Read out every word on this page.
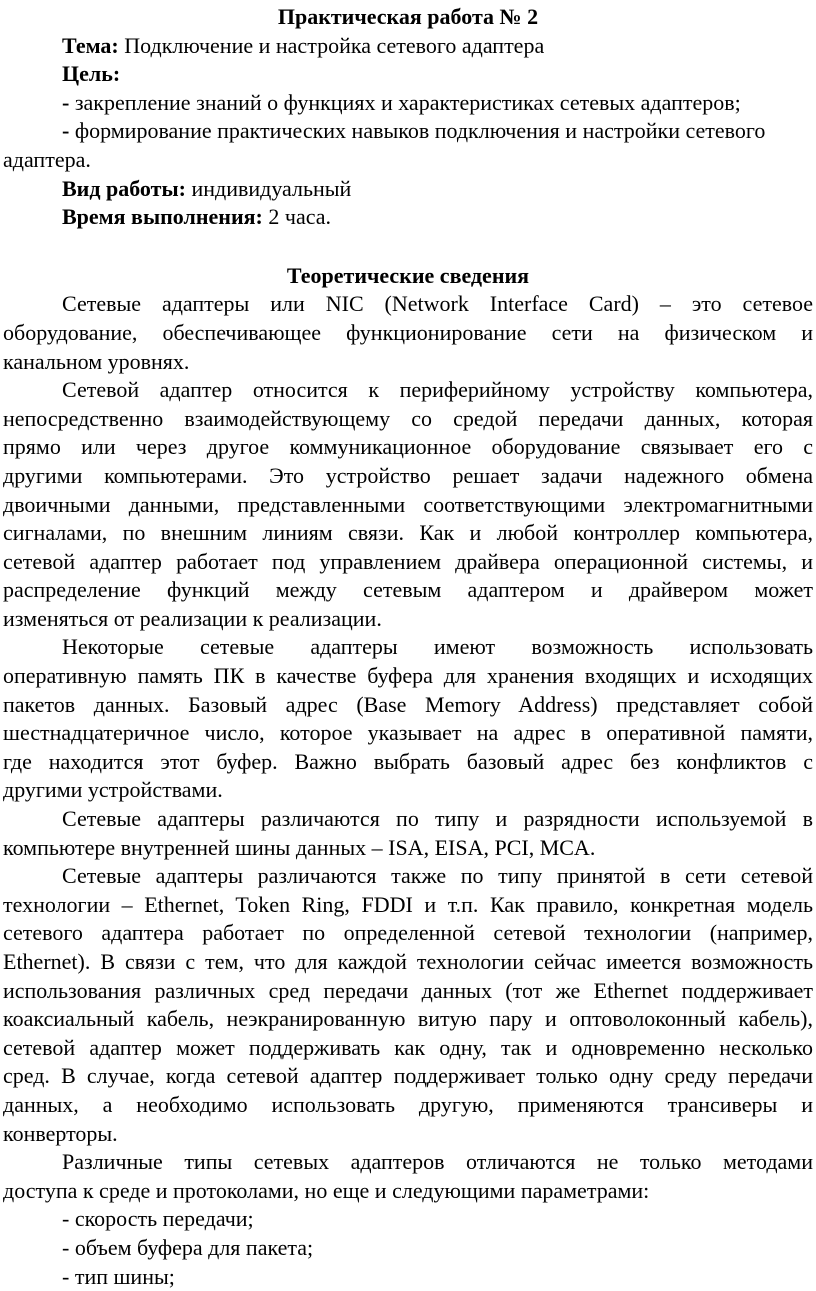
Практическая работа № 2
Тема: Подключение и настройка сетевого адаптера
Цель:
- закрепление знаний о функциях и характеристиках сетевых адаптеров;
- формирование практических навыков подключения и настройки сетевого
адаптера.
Вид работы: индивидуальный
Время выполнения: 2 часа.
Теоретические сведения
Сетевые адаптеры или NIC (Network Interface Card) – это сетевое
оборудование, обеспечивающее функционирование сети на физическом и
канальном уровнях.
Сетевой адаптер относится к периферийному устройству компьютера,
непосредственно взаимодействующему со средой передачи данных, которая
прямо или через другое коммуникационное оборудование связывает его с
другими компьютерами. Это устройство решает задачи надежного обмена
двоичными данными, представленными соответствующими электромагнитными
сигналами, по внешним линиям связи. Как и любой контроллер компьютера,
сетевой адаптер работает под управлением драйвера операционной системы, и
распределение функций между сетевым адаптером и драйвером может
изменяться от реализации к реализации.
Некоторые сетевые адаптеры имеют возможность использовать
оперативную память ПК в качестве буфера для хранения входящих и исходящих
пакетов данных. Базовый адрес (Base Memory Address) представляет собой
шестнадцатеричное число, которое указывает на адрес в оперативной памяти,
где находится этот буфер. Важно выбрать базовый адрес без конфликтов с
другими устройствами.
Сетевые адаптеры различаются по типу и разрядности используемой в
компьютере внутренней шины данных – ISA, EISA, PCI, MCA.
Сетевые адаптеры различаются также по типу принятой в сети сетевой
технологии – Ethernet, Token Ring, FDDI и т.п. Как правило, конкретная модель
сетевого адаптера работает по определенной сетевой технологии (например,
Ethernet). В связи с тем, что для каждой технологии сейчас имеется возможность
использования различных сред передачи данных (тот же Ethernet поддерживает
коаксиальный кабель, неэкранированную витую пару и оптоволоконный кабель),
сетевой адаптер может поддерживать как одну, так и одновременно несколько
сред. В случае, когда сетевой адаптер поддерживает только одну среду передачи
данных, а необходимо использовать другую, применяются трансиверы и
конверторы.
Различные типы сетевых адаптеров отличаются не только методами
доступа к среде и протоколами, но еще и следующими параметрами:
- скорость передачи;
- объем буфера для пакета;
- тип шины;
